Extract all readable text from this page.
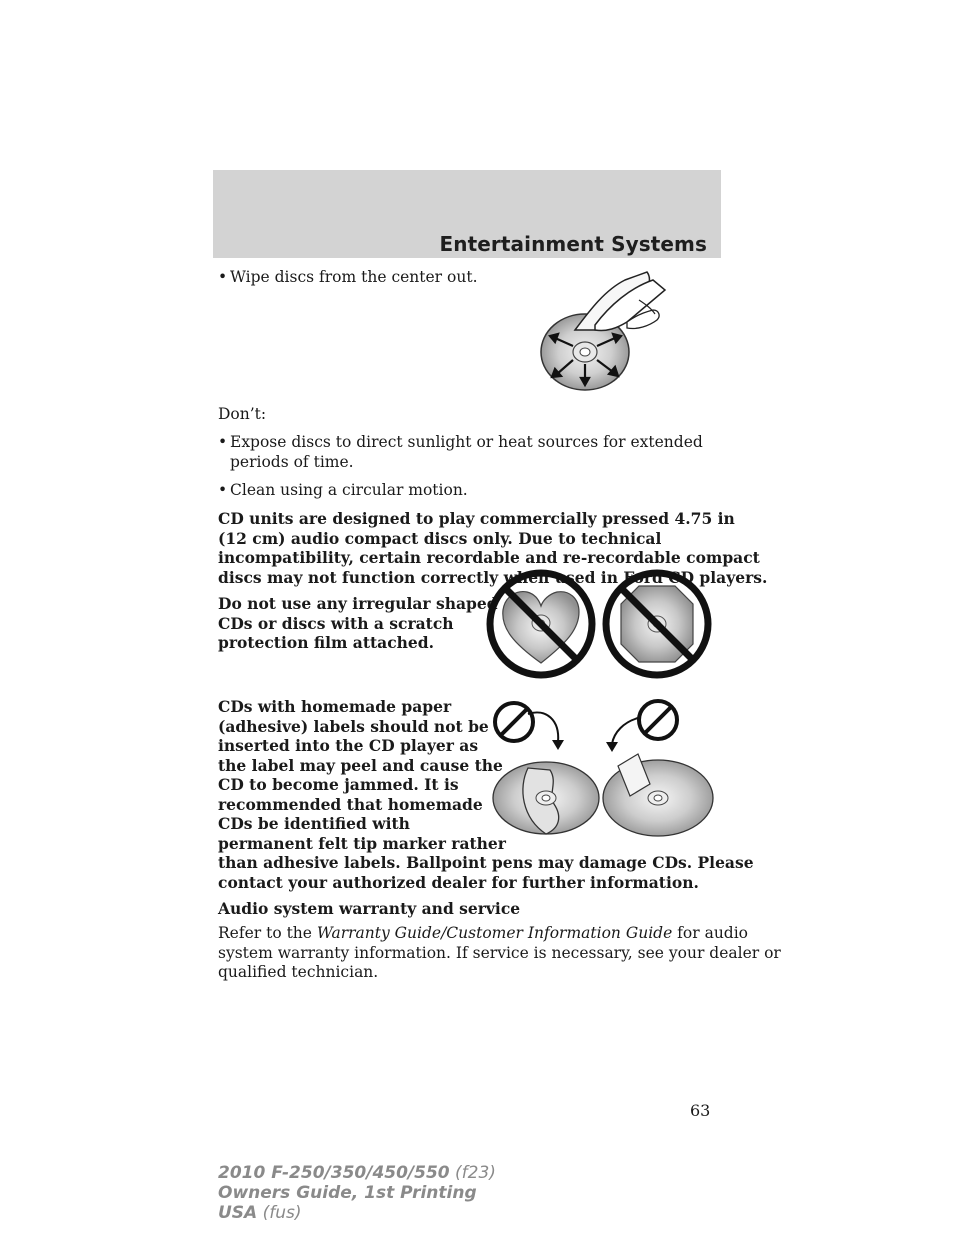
Entertainment Systems
• Wipe discs from the center out.
Don’t:
• Expose discs to direct sunlight or heat sources for extended periods of time.
• Clean using a circular motion.
CD units are designed to play commercially pressed 4.75 in
(12 cm) audio compact discs only. Due to technical
incompatibility, certain recordable and re-recordable compact
discs may not function correctly when used in Ford CD players.
Do not use any irregular shaped
CDs or discs with a scratch
protection film attached.
CDs with homemade paper
(adhesive) labels should not be
inserted into the CD player as
the label may peel and cause the
CD to become jammed. It is
recommended that homemade
CDs be identified with
permanent felt tip marker rather
than adhesive labels. Ballpoint pens may damage CDs. Please
contact your authorized dealer for further information.
Audio system warranty and service
Refer to the Warranty Guide/Customer Information Guide for audio
system warranty information. If service is necessary, see your dealer or
qualified technician.
63
2010 F-250/350/450/550 (f23)
Owners Guide, 1st Printing
USA (fus)
